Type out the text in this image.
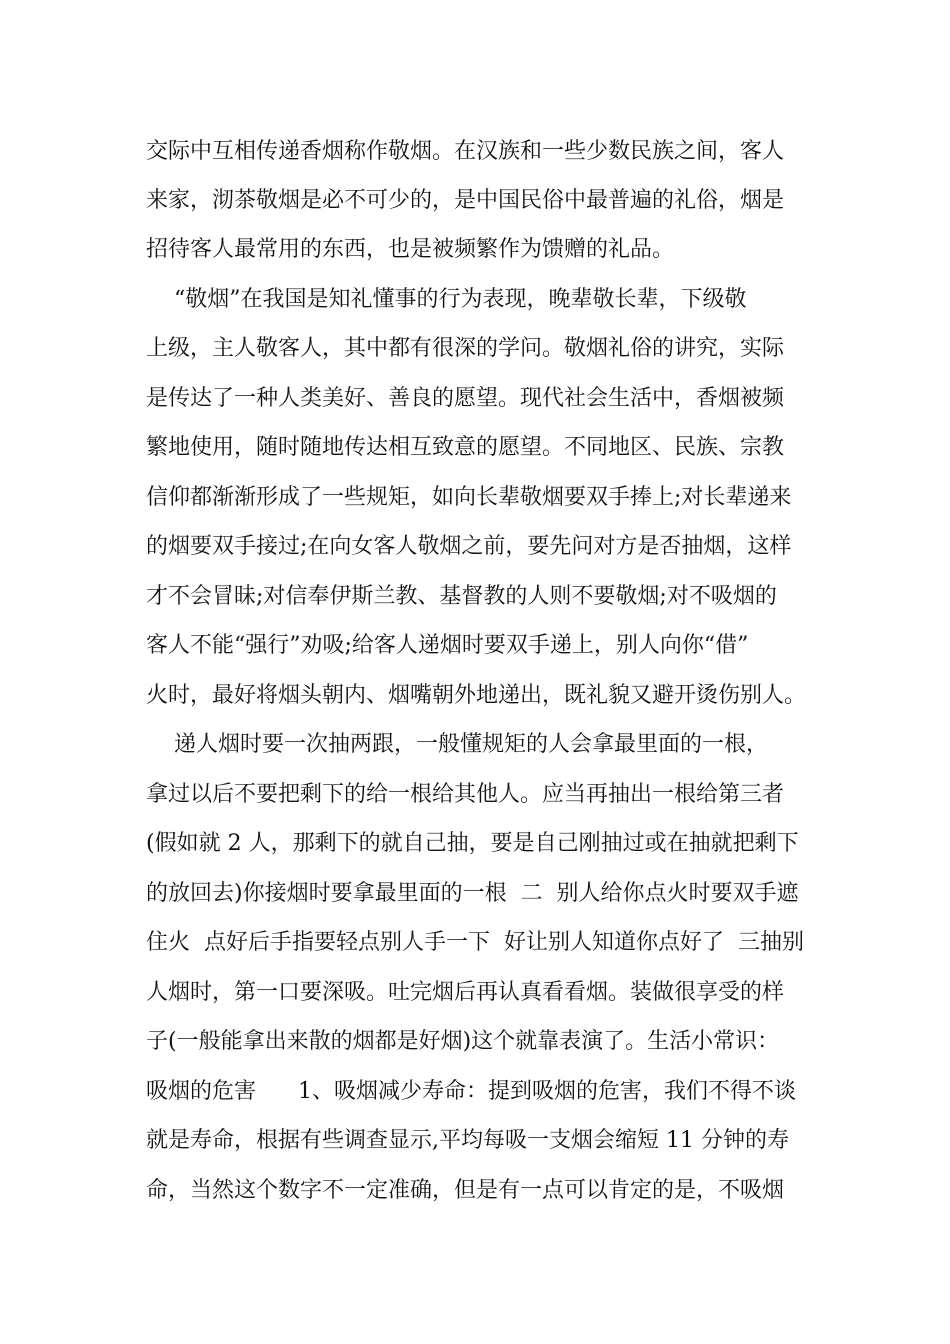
交际中互相传递香烟称作敬烟。在汉族和一些少数民族之间，客人
来家，沏茶敬烟是必不可少的，是中国民俗中最普遍的礼俗，烟是
招待客人最常用的东西，也是被频繁作为馈赠的礼品。
“敬烟”在我国是知礼懂事的行为表现，晚辈敬长辈，下级敬
上级，主人敬客人，其中都有很深的学问。敬烟礼俗的讲究，实际
是传达了一种人类美好、善良的愿望。现代社会生活中，香烟被频
繁地使用，随时随地传达相互致意的愿望。不同地区、民族、宗教
信仰都渐渐形成了一些规矩，如向长辈敬烟要双手捧上;对长辈递来
的烟要双手接过;在向女客人敬烟之前，要先问对方是否抽烟，这样
才不会冒昧;对信奉伊斯兰教、基督教的人则不要敬烟;对不吸烟的
客人不能“强行”劝吸;给客人递烟时要双手递上，别人向你“借”
火时，最好将烟头朝内、烟嘴朝外地递出，既礼貌又避开烫伤别人。
递人烟时要一次抽两跟，一般懂规矩的人会拿最里面的一根，
拿过以后不要把剩下的给一根给其他人。应当再抽出一根给第三者
(假如就 2 人，那剩下的就自己抽，要是自己刚抽过或在抽就把剩下
的放回去)你接烟时要拿最里面的一根  二  别人给你点火时要双手遮
住火  点好后手指要轻点别人手一下  好让别人知道你点好了  三抽别
人烟时，第一口要深吸。吐完烟后再认真看看烟。装做很享受的样
子(一般能拿出来散的烟都是好烟)这个就靠表演了。生活小常识：
吸烟的危害      1、吸烟减少寿命：提到吸烟的危害，我们不得不谈
就是寿命，根据有些调查显示,平均每吸一支烟会缩短 11 分钟的寿
命，当然这个数字不一定准确，但是有一点可以肯定的是，不吸烟
